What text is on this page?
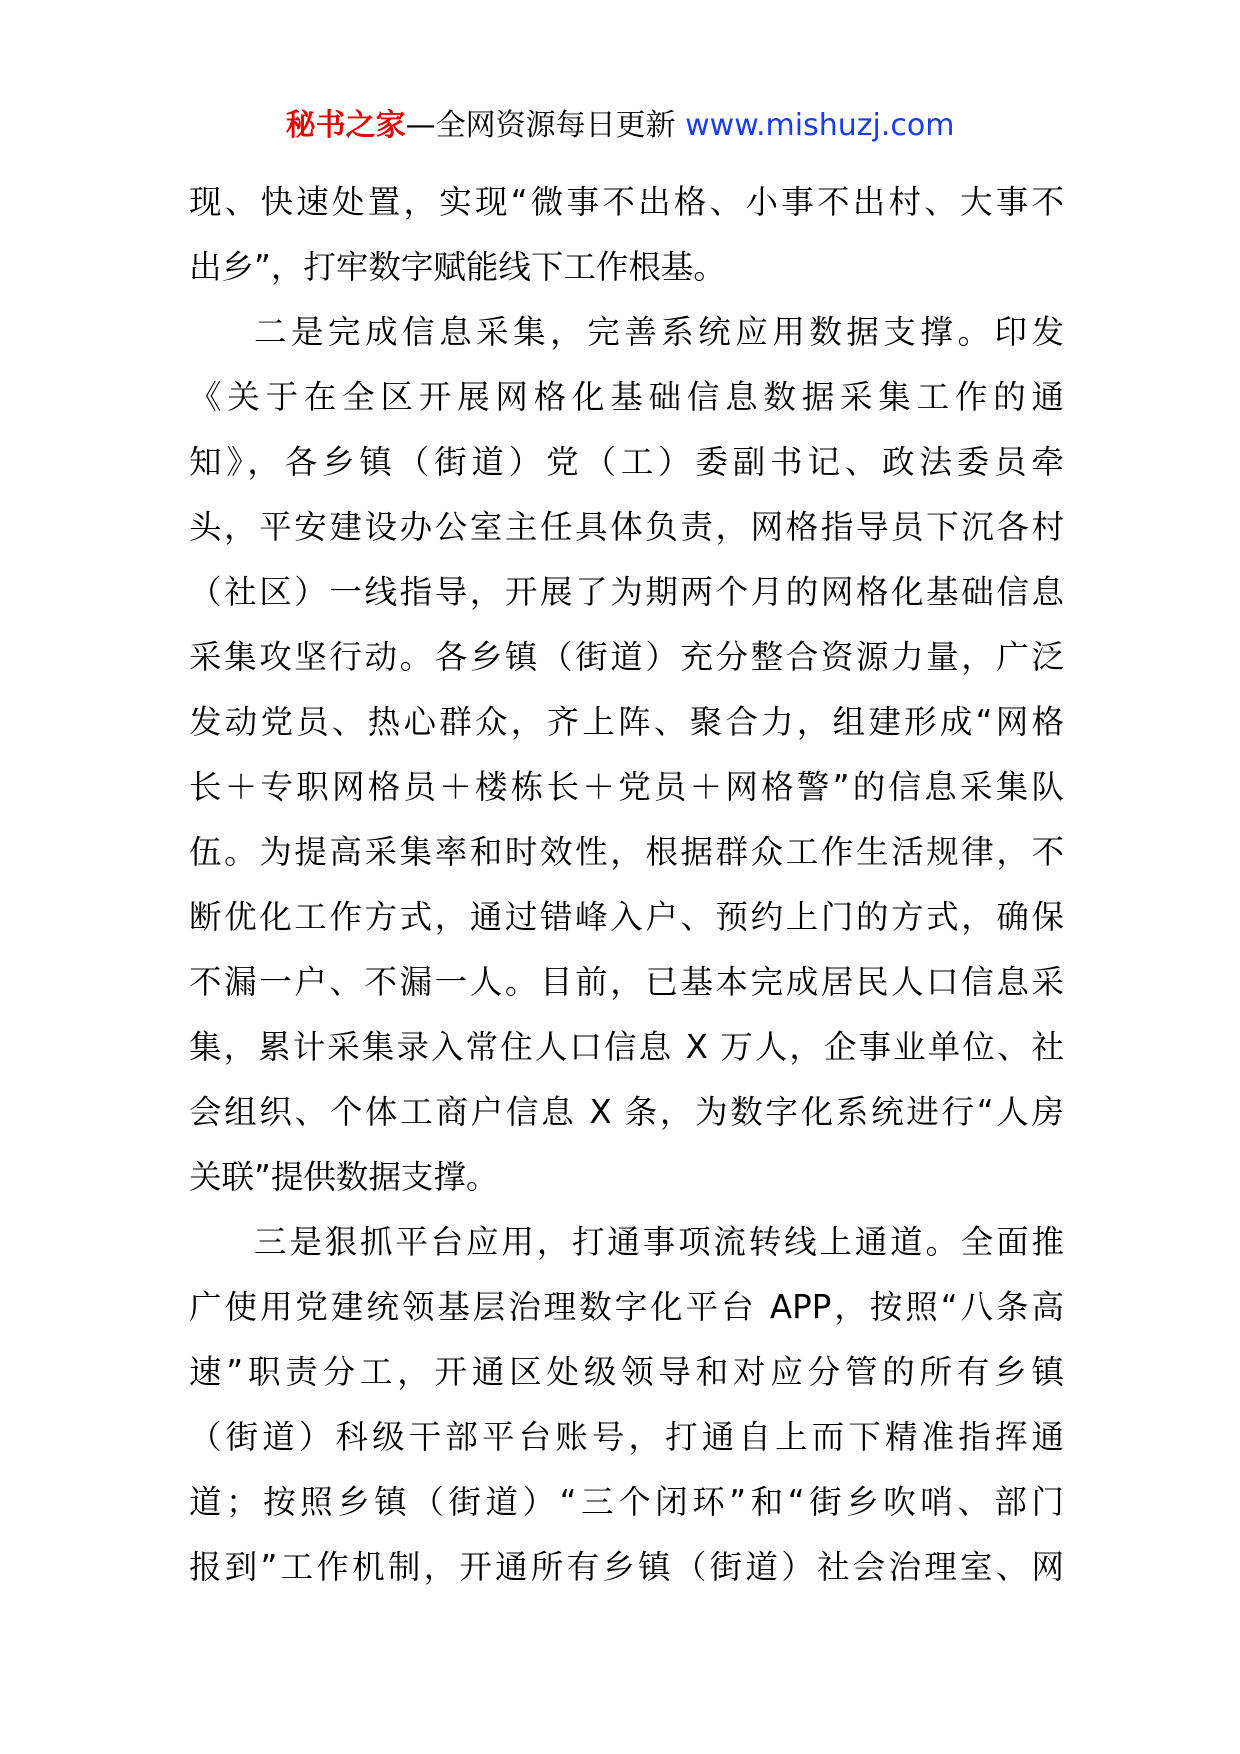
秘书之家—全网资源每日更新 www.mishuzj.com
现、快速处置，实现“微事不出格、小事不出村、大事不
出乡”，打牢数字赋能线下工作根基。
二是完成信息采集，完善系统应用数据支撑。印发
《关于在全区开展网格化基础信息数据采集工作的通
知》，各乡镇（街道）党（工）委副书记、政法委员牵
头，平安建设办公室主任具体负责，网格指导员下沉各村
（社区）一线指导，开展了为期两个月的网格化基础信息
采集攻坚行动。各乡镇（街道）充分整合资源力量，广泛
发动党员、热心群众，齐上阵、聚合力，组建形成“网格
长＋专职网格员＋楼栋长＋党员＋网格警”的信息采集队
伍。为提高采集率和时效性，根据群众工作生活规律，不
断优化工作方式，通过错峰入户、预约上门的方式，确保
不漏一户、不漏一人。目前，已基本完成居民人口信息采
集，累计采集录入常住人口信息 X 万人，企事业单位、社
会组织、个体工商户信息 X 条，为数字化系统进行“人房
关联”提供数据支撑。
三是狠抓平台应用，打通事项流转线上通道。全面推
广使用党建统领基层治理数字化平台 APP，按照“八条高
速”职责分工，开通区处级领导和对应分管的所有乡镇
（街道）科级干部平台账号，打通自上而下精准指挥通
道；按照乡镇（街道）“三个闭环”和“街乡吹哨、部门
报到”工作机制，开通所有乡镇（街道）社会治理室、网
